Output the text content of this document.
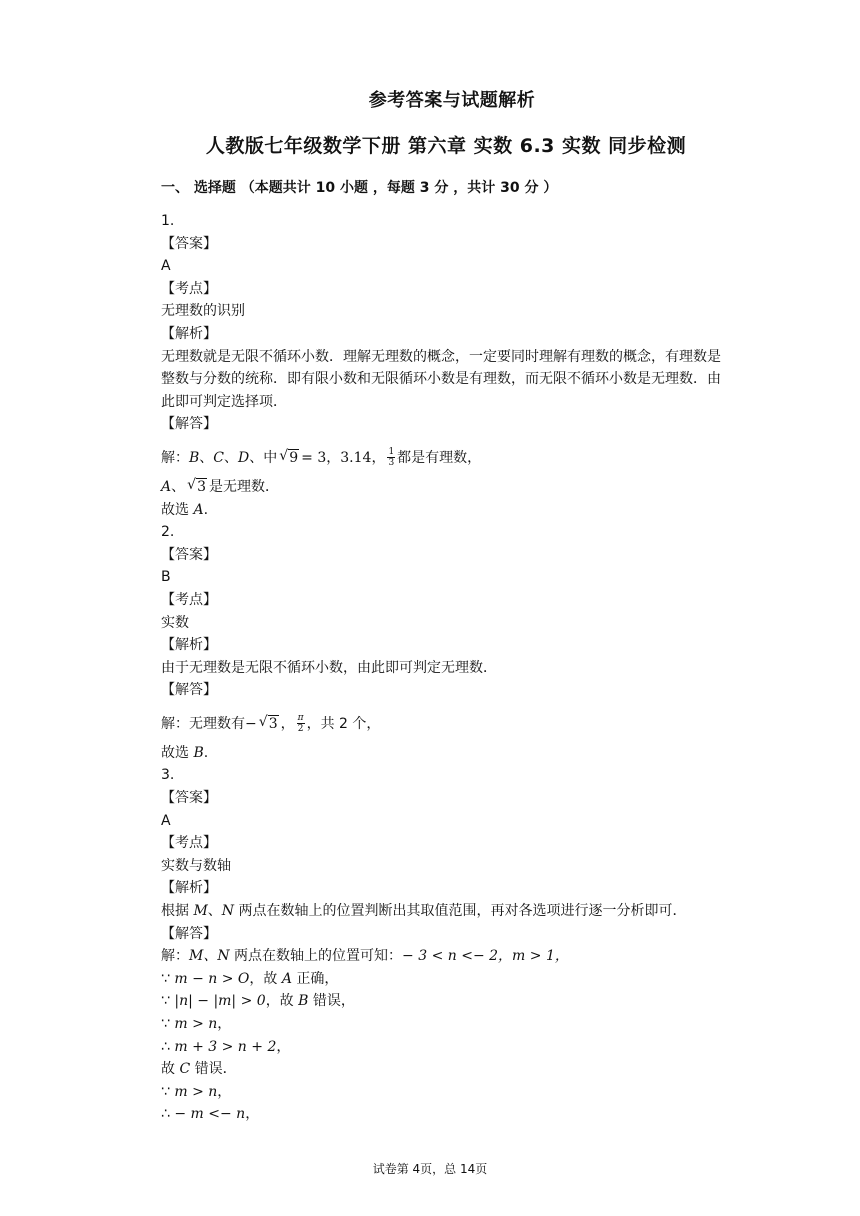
参考答案与试题解析
人教版七年级数学下册 第六章 实数 6.3 实数 同步检测
一、 选择题 （本题共计 10 小题 ，每题 3 分 ，共计 30 分 ）
1.
【答案】
A
【考点】
无理数的识别
【解析】
无理数就是无限不循环小数．理解无理数的概念，一定要同时理解有理数的概念，有理数是整数与分数的统称．即有限小数和无限循环小数是有理数，而无限不循环小数是无理数．由此即可判定选择项．
【解答】
解： B 、 C 、 D 、中 √ 9 = 3， 3.14， $\frac{1}{3}$ 都是有理数，
A、 √ 3 是无理数．
故选 A.
2.
【答案】
B
【考点】
实数
【解析】
由于无理数是无限不循环小数，由此即可判定无理数．
【解答】
解：无理数有 − √ 3 ， $\frac{\pi}{2}$ ，共 2 个，
故选 B.
3.
【答案】
A
【考点】
实数与数轴
【解析】
根据 M、N 两点在数轴上的位置判断出其取值范围，再对各选项进行逐一分析即可．
【解答】
解：M、N 两点在数轴上的位置可知：− 3 < n <− 2，m > 1，
∵ m − n > O，故 A 正确，
∵ |n| − |m| > 0，故 B 错误，
∵ m > n，
∴ m + 3 > n + 2，
故 C 错误．
∵ m > n，
∴ − m <− n，
试卷第 4页，总 14页
